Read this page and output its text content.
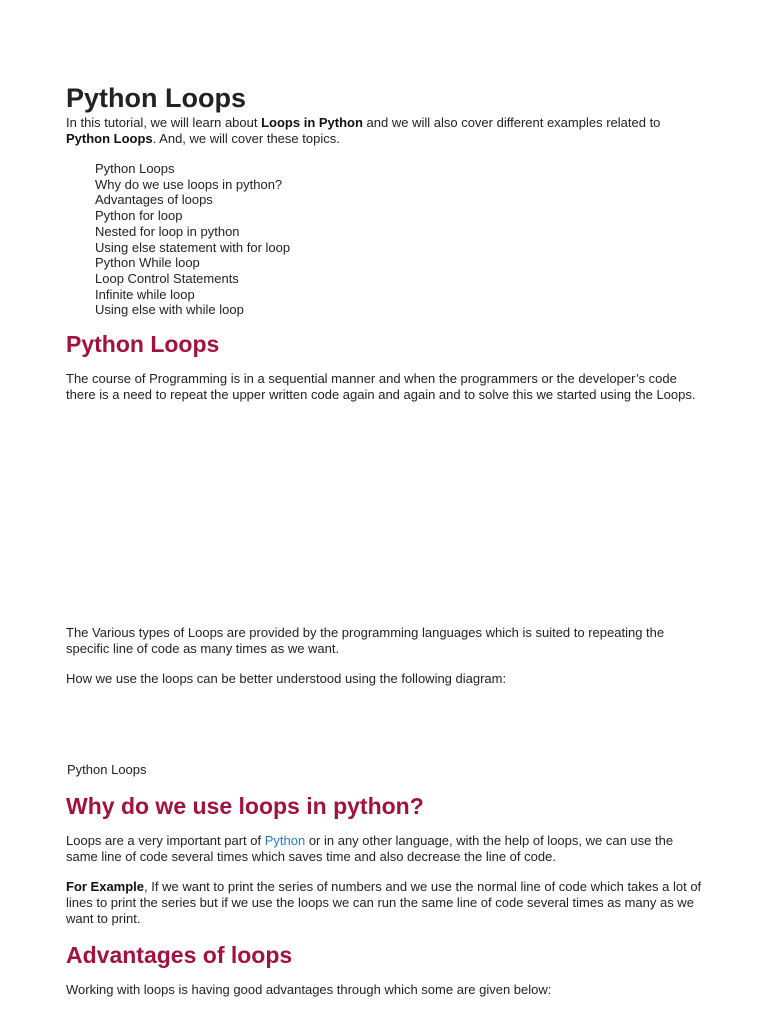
Python Loops

In this tutorial, we will learn about Loops in Python and we will also cover different examples related to Python Loops. And, we will cover these topics.

Python Loops
Why do we use loops in python?
Advantages of loops
Python for loop
Nested for loop in python
Using else statement with for loop
Python While loop
Loop Control Statements
Infinite while loop
Using else with while loop
Python Loops

The course of Programming is in a sequential manner and when the programmers or the developer’s code there is a need to repeat the upper written code again and again and to solve this we started using the Loops.

The Various types of Loops are provided by the programming languages which is suited to repeating the specific line of code as many times as we want.

How we use the loops can be better understood using the following diagram:

Python Loops

Why do we use loops in python?

Loops are a very important part of Python or in any other language, with the help of loops, we can use the same line of code several times which saves time and also decrease the line of code.

For Example, If we want to print the series of numbers and we use the normal line of code which takes a lot of lines to print the series but if we use the loops we can run the same line of code several times as many as we want to print.

Advantages of loops

Working with loops is having good advantages through which some are given below:
